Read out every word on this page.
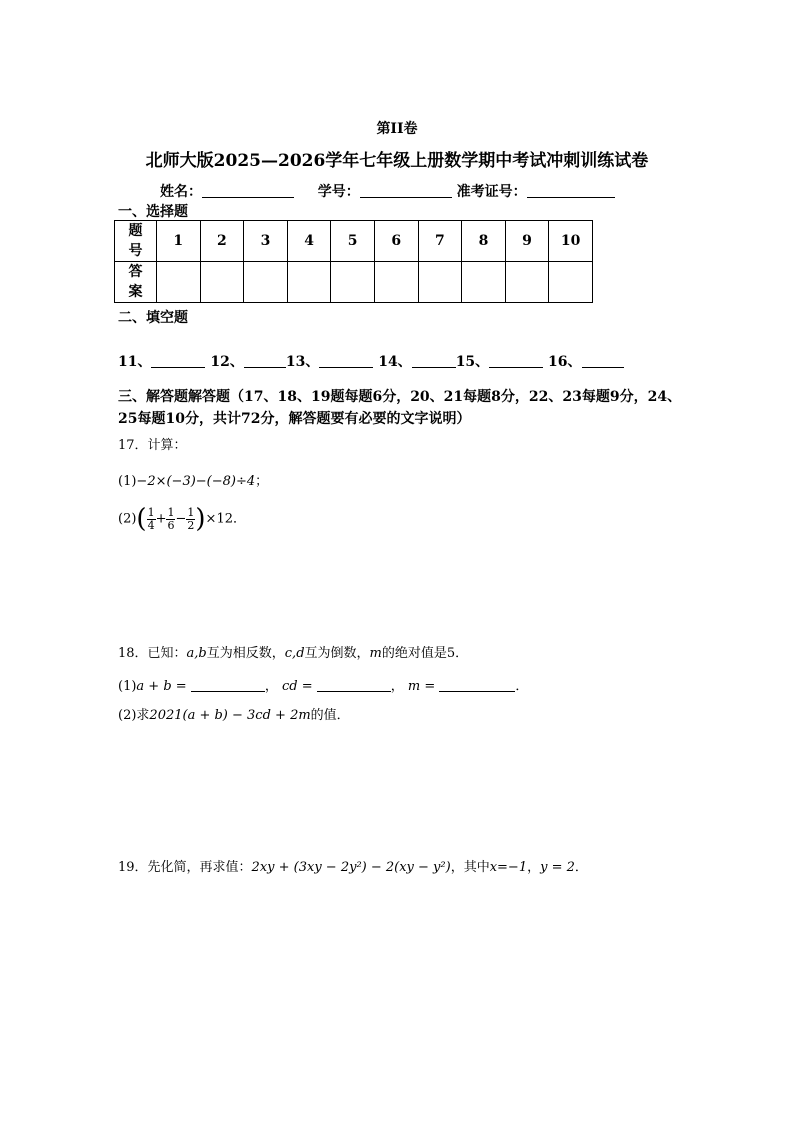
第II卷
北师大版2025—2026学年七年级上册数学期中考试冲刺训练试卷
姓名：	学号：	准考证号：
一、选择题
题
号	1	2	3	4	5	6	7	8	9	10
答
案										
二、填空题
11、	12、	13、	14、	15、	16、
三、解答题解答题（17、18、19题每题6分，20、21每题8分，22、23每题9分，24、25每题10分，共计72分，解答题要有必要的文字说明）
17．计算：
(1)−2×(−3)−(−8)÷4；
$(2)( \frac{1}{4} + \frac{1}{6} - \frac{1}{2} )\times 12$．
18．已知：a,b互为相反数，c,d互为倒数，m的绝对值是5．
(1)a + b =	， cd =	， m =	．
(2)求2021(a + b) − 3cd + 2m的值．
19．先化简，再求值：2xy + (3xy − 2y²) − 2(xy − y²)，其中x=−1，y = 2．
